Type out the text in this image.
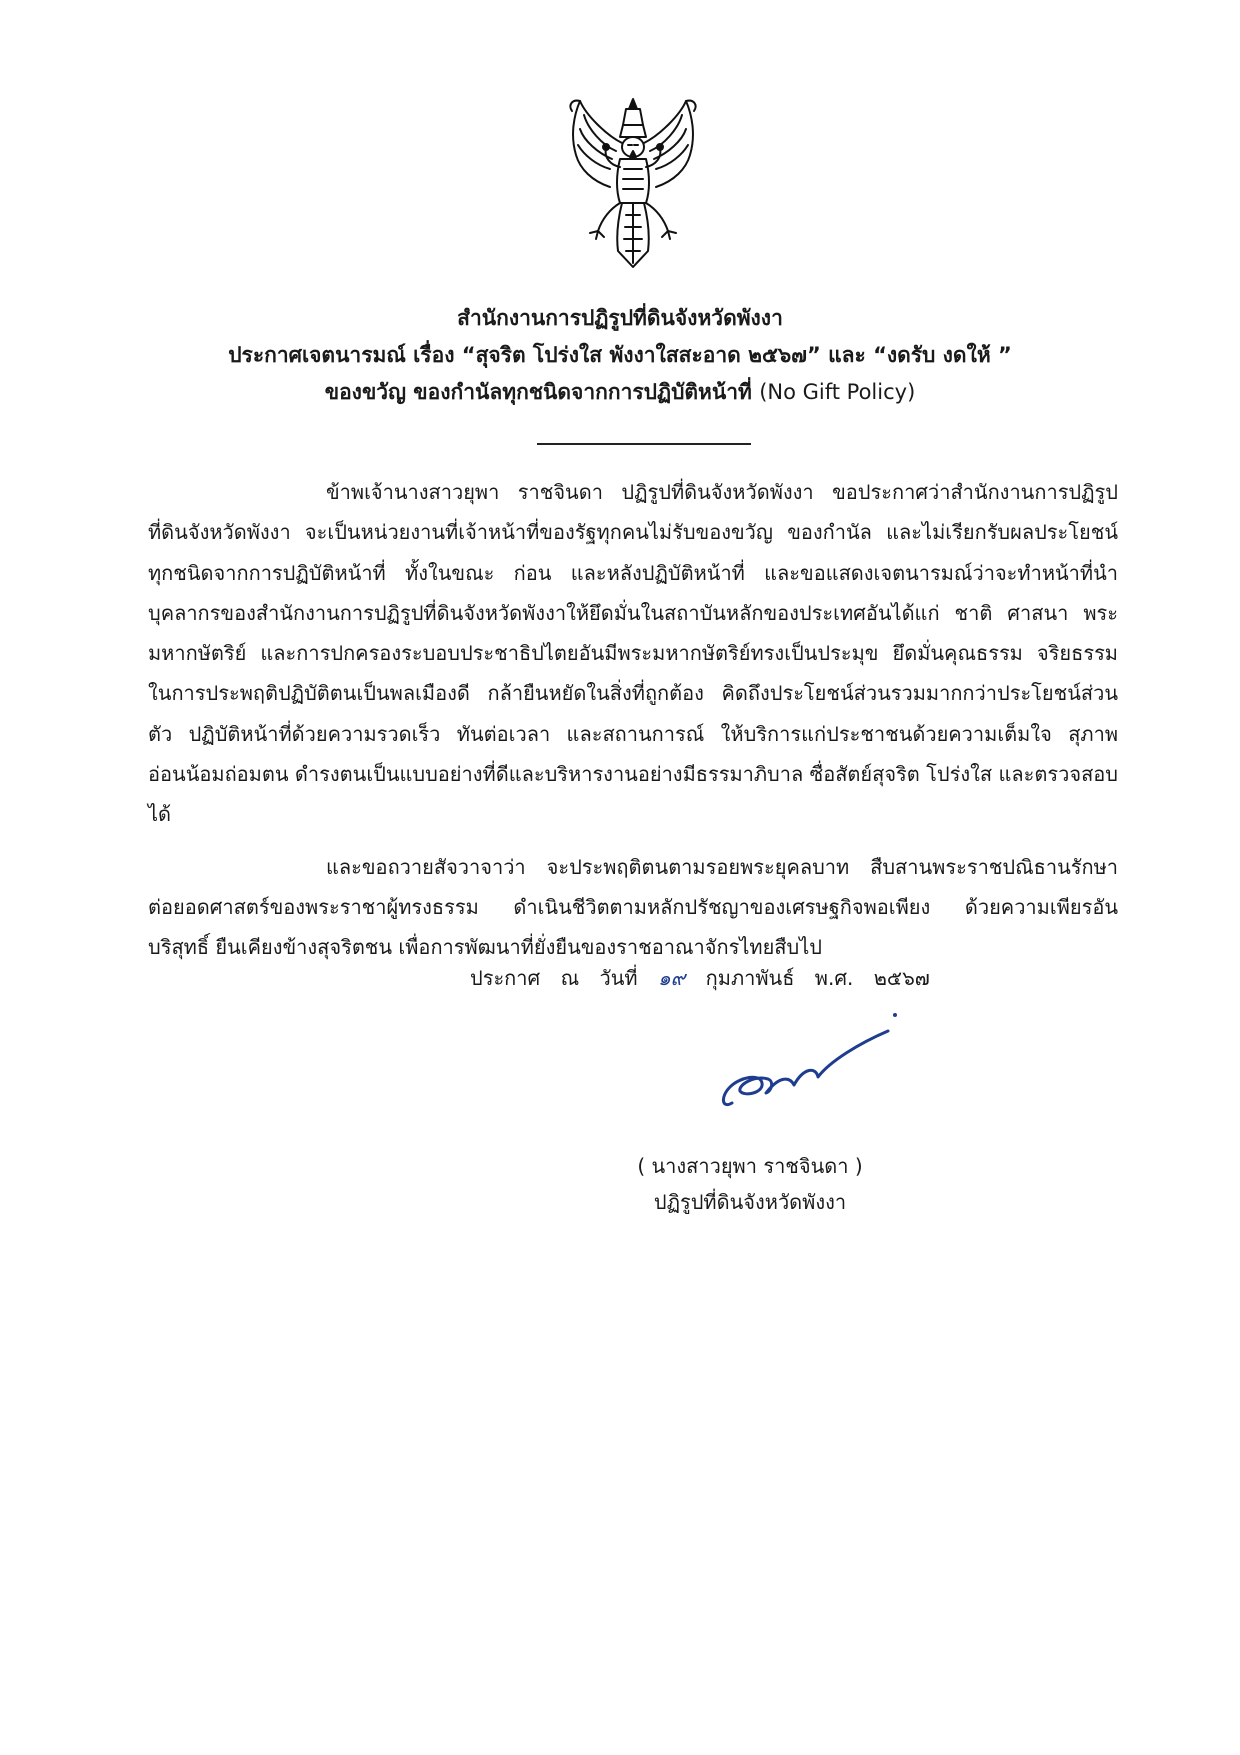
สำนักงานการปฏิรูปที่ดินจังหวัดพังงา
ประกาศเจตนารมณ์ เรื่อง “สุจริต โปร่งใส พังงาใสสะอาด ๒๕๖๗” และ “งดรับ งดให้ ”
ของขวัญ ของกำนัลทุกชนิดจากการปฏิบัติหน้าที่ (No Gift Policy)

ข้าพเจ้านางสาวยุพา ราชจินดา ปฏิรูปที่ดินจังหวัดพังงา ขอประกาศว่าสำนักงานการปฏิรูปที่ดินจังหวัดพังงา จะเป็นหน่วยงานที่เจ้าหน้าที่ของรัฐทุกคนไม่รับของขวัญ ของกำนัล และไม่เรียกรับผลประโยชน์ทุกชนิดจากการปฏิบัติหน้าที่ ทั้งในขณะ ก่อน และหลังปฏิบัติหน้าที่ และขอแสดงเจตนารมณ์ว่าจะทำหน้าที่นำบุคลากรของสำนักงานการปฏิรูปที่ดินจังหวัดพังงาให้ยึดมั่นในสถาบันหลักของประเทศอันได้แก่ ชาติ ศาสนา พระมหากษัตริย์ และการปกครองระบอบประชาธิปไตยอันมีพระมหากษัตริย์ทรงเป็นประมุข ยึดมั่นคุณธรรม จริยธรรมในการประพฤติปฏิบัติตนเป็นพลเมืองดี กล้ายืนหยัดในสิ่งที่ถูกต้อง คิดถึงประโยชน์ส่วนรวมมากกว่าประโยชน์ส่วนตัว ปฏิบัติหน้าที่ด้วยความรวดเร็ว ทันต่อเวลา และสถานการณ์ ให้บริการแก่ประชาชนด้วยความเต็มใจ สุภาพ อ่อนน้อมถ่อมตน ดำรงตนเป็นแบบอย่างที่ดีและบริหารงานอย่างมีธรรมาภิบาล ซื่อสัตย์สุจริต โปร่งใส และตรวจสอบได้

และขอถวายสัจวาจาว่า จะประพฤติตนตามรอยพระยุคลบาท สืบสานพระราชปณิธานรักษาต่อยอดศาสตร์ของพระราชาผู้ทรงธรรม ดำเนินชีวิตตามหลักปรัชญาของเศรษฐกิจพอเพียง ด้วยความเพียรอันบริสุทธิ์ ยืนเคียงข้างสุจริตชน เพื่อการพัฒนาที่ยั่งยืนของราชอาณาจักรไทยสืบไป

ประกาศ ณ วันที่ ๑๙ กุมภาพันธ์ พ.ศ. ๒๕๖๗
( นางสาวยุพา ราชจินดา )
ปฏิรูปที่ดินจังหวัดพังงา
